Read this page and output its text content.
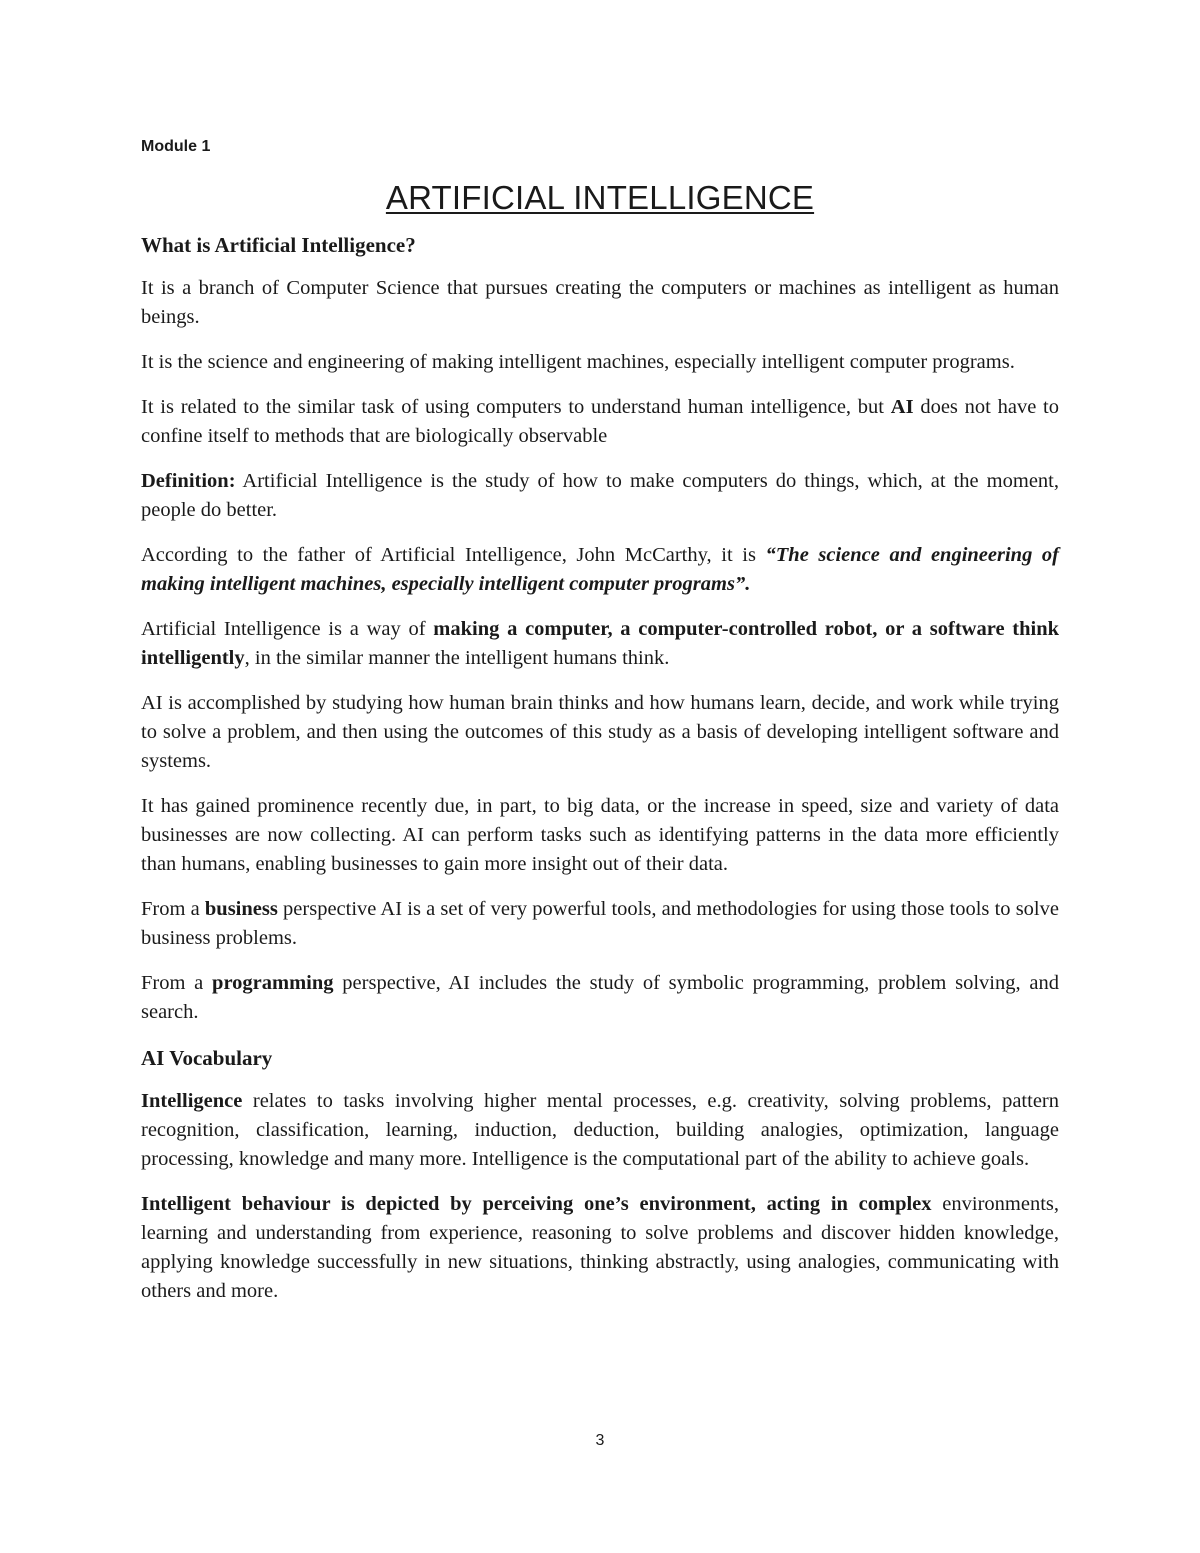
Module 1

ARTIFICIAL INTELLIGENCE
What is Artificial Intelligence?

It is a branch of Computer Science that pursues creating the computers or machines as intelligent as human beings.

It is the science and engineering of making intelligent machines, especially intelligent computer programs.

It is related to the similar task of using computers to understand human intelligence, but AI does not have to confine itself to methods that are biologically observable

Definition: Artificial Intelligence is the study of how to make computers do things, which, at the moment, people do better.

According to the father of Artificial Intelligence, John McCarthy, it is “The science and engineering of making intelligent machines, especially intelligent computer programs”.

Artificial Intelligence is a way of making a computer, a computer-controlled robot, or a software think intelligently, in the similar manner the intelligent humans think.

AI is accomplished by studying how human brain thinks and how humans learn, decide, and work while trying to solve a problem, and then using the outcomes of this study as a basis of developing intelligent software and systems.

It has gained prominence recently due, in part, to big data, or the increase in speed, size and variety of data businesses are now collecting. AI can perform tasks such as identifying patterns in the data more efficiently than humans, enabling businesses to gain more insight out of their data.

From a business perspective AI is a set of very powerful tools, and methodologies for using those tools to solve business problems.

From a programming perspective, AI includes the study of symbolic programming, problem solving, and search.

AI Vocabulary

Intelligence relates to tasks involving higher mental processes, e.g. creativity, solving problems, pattern recognition, classification, learning, induction, deduction, building analogies, optimization, language processing, knowledge and many more. Intelligence is the computational part of the ability to achieve goals.

Intelligent behaviour is depicted by perceiving one’s environment, acting in complex environments, learning and understanding from experience, reasoning to solve problems and discover hidden knowledge, applying knowledge successfully in new situations, thinking abstractly, using analogies, communicating with others and more.

3
